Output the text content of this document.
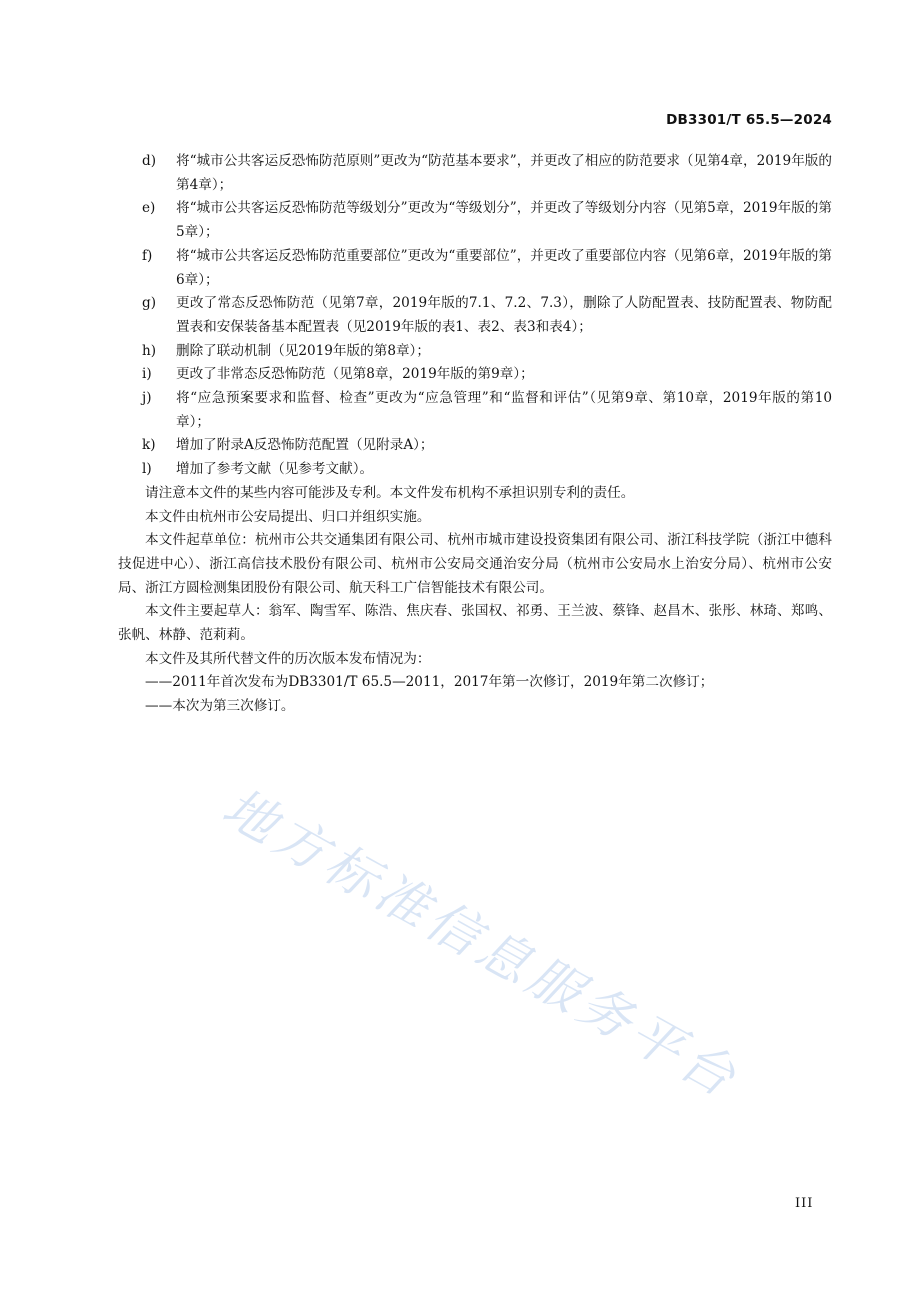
DB3301/T 65.5—2024
d)	将“城市公共客运反恐怖防范原则”更改为“防范基本要求”，并更改了相应的防范要求（见第4章，2019年版的第4章）；
e)	将“城市公共客运反恐怖防范等级划分”更改为“等级划分”，并更改了等级划分内容（见第5章，2019年版的第5章）；
f)	将“城市公共客运反恐怖防范重要部位”更改为“重要部位”，并更改了重要部位内容（见第6章，2019年版的第6章）；
g)	更改了常态反恐怖防范（见第7章，2019年版的7.1、7.2、7.3），删除了人防配置表、技防配置表、物防配置表和安保装备基本配置表（见2019年版的表1、表2、表3和表4）；
h)	删除了联动机制（见2019年版的第8章）；
i)	更改了非常态反恐怖防范（见第8章，2019年版的第9章）；
j)	将“应急预案要求和监督、检查”更改为“应急管理”和“监督和评估”（见第9章、第10章，2019年版的第10章）；
k)	增加了附录A反恐怖防范配置（见附录A）；
l)	增加了参考文献（见参考文献）。
请注意本文件的某些内容可能涉及专利。本文件发布机构不承担识别专利的责任。
本文件由杭州市公安局提出、归口并组织实施。
本文件起草单位：杭州市公共交通集团有限公司、杭州市城市建设投资集团有限公司、浙江科技学院（浙江中德科技促进中心）、浙江高信技术股份有限公司、杭州市公安局交通治安分局（杭州市公安局水上治安分局）、杭州市公安局、浙江方圆检测集团股份有限公司、航天科工广信智能技术有限公司。
本文件主要起草人：翁军、陶雪军、陈浩、焦庆春、张国权、祁勇、王兰波、蔡锋、赵昌木、张彤、林琦、郑鸣、张帆、林静、范莉莉。
本文件及其所代替文件的历次版本发布情况为：
——2011年首次发布为DB3301/T 65.5—2011，2017年第一次修订，2019年第二次修订；
——本次为第三次修订。
地方标准信息服务平台
III
